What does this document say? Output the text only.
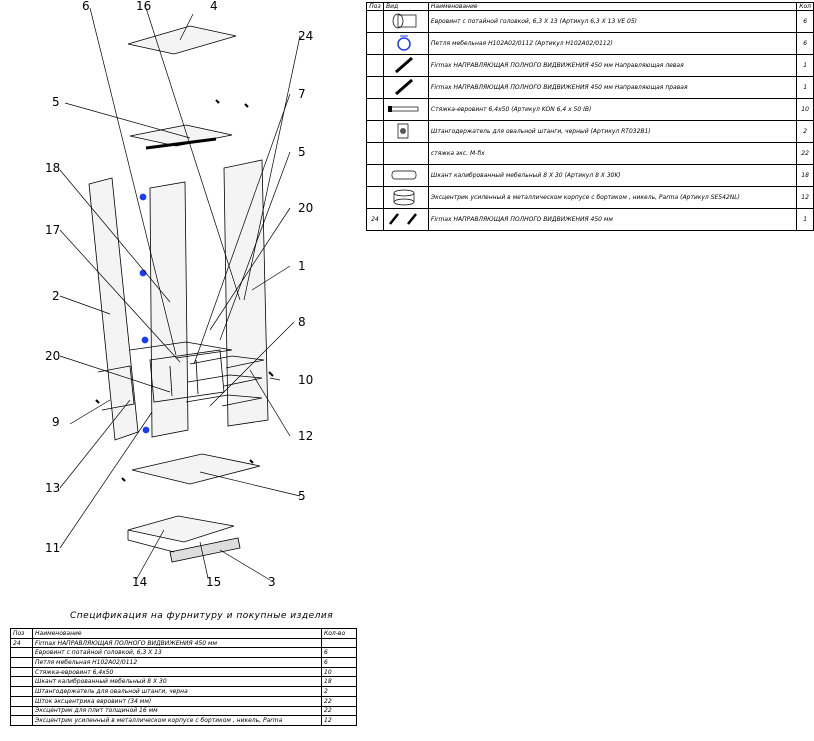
6	16	4
24
5
7
5
18
20
17
1
2
8
20
10
9
12
13
5
11
14	15	3
Поз	Вид	Наименование	Кол
		Евровинт с потайной головкой, 6,3 X 13 (Артикул 6,3 X 13 VE 05)	6
		Петля мебельная H102A02/0112 (Артикул H102A02/0112)	6
		Firmax НАПРАВЛЯЮЩАЯ ПОЛНОГО ВИДВИЖЕНИЯ 450 мм Направляющая левая	1
		Firmax НАПРАВЛЯЮЩАЯ ПОЛНОГО ВИДВИЖЕНИЯ 450 мм Направляющая правая	1
		Стяжка-евровинт 6,4x50 (Артикул KON 6,4 x 50 IB)	10
		Штангодержатель для овальной штанги, черный (Артикул RT032B1)	2
		стяжка экс. M-fix	22
		Шкант калиброванный мебельный 8 X 30 (Артикул 8 X 30K)	18
		Эксцентрик усиленный в металлическом корпусе с бортиком , никель, Parma (Артикул SE542NL)	12
24		Firmax НАПРАВЛЯЮЩАЯ ПОЛНОГО ВИДВИЖЕНИЯ 450 мм	1
Спецификация на фурнитуру и покупные изделия
Поз	Наименование	Кол-во
24	Firmax НАПРАВЛЯЮЩАЯ ПОЛНОГО ВИДВИЖЕНИЯ 450 мм	
	Евровинт с потайной головкой, 6,3 X 13	6
	Петля мебельная H102A02/0112	6
	Стяжка-евровинт 6,4x50	10
	Шкант калиброванный мебельный 8 X 30	18
	Штангодержатель для овальной штанги, черна	2
	Шток эксцентрика евровинт (34 мм)	22
	Эксцентрик для плит толщиной 16 мм	22
	Эксцентрик усиленный в металлическом корпусе с бортиком , никель, Parma	12
